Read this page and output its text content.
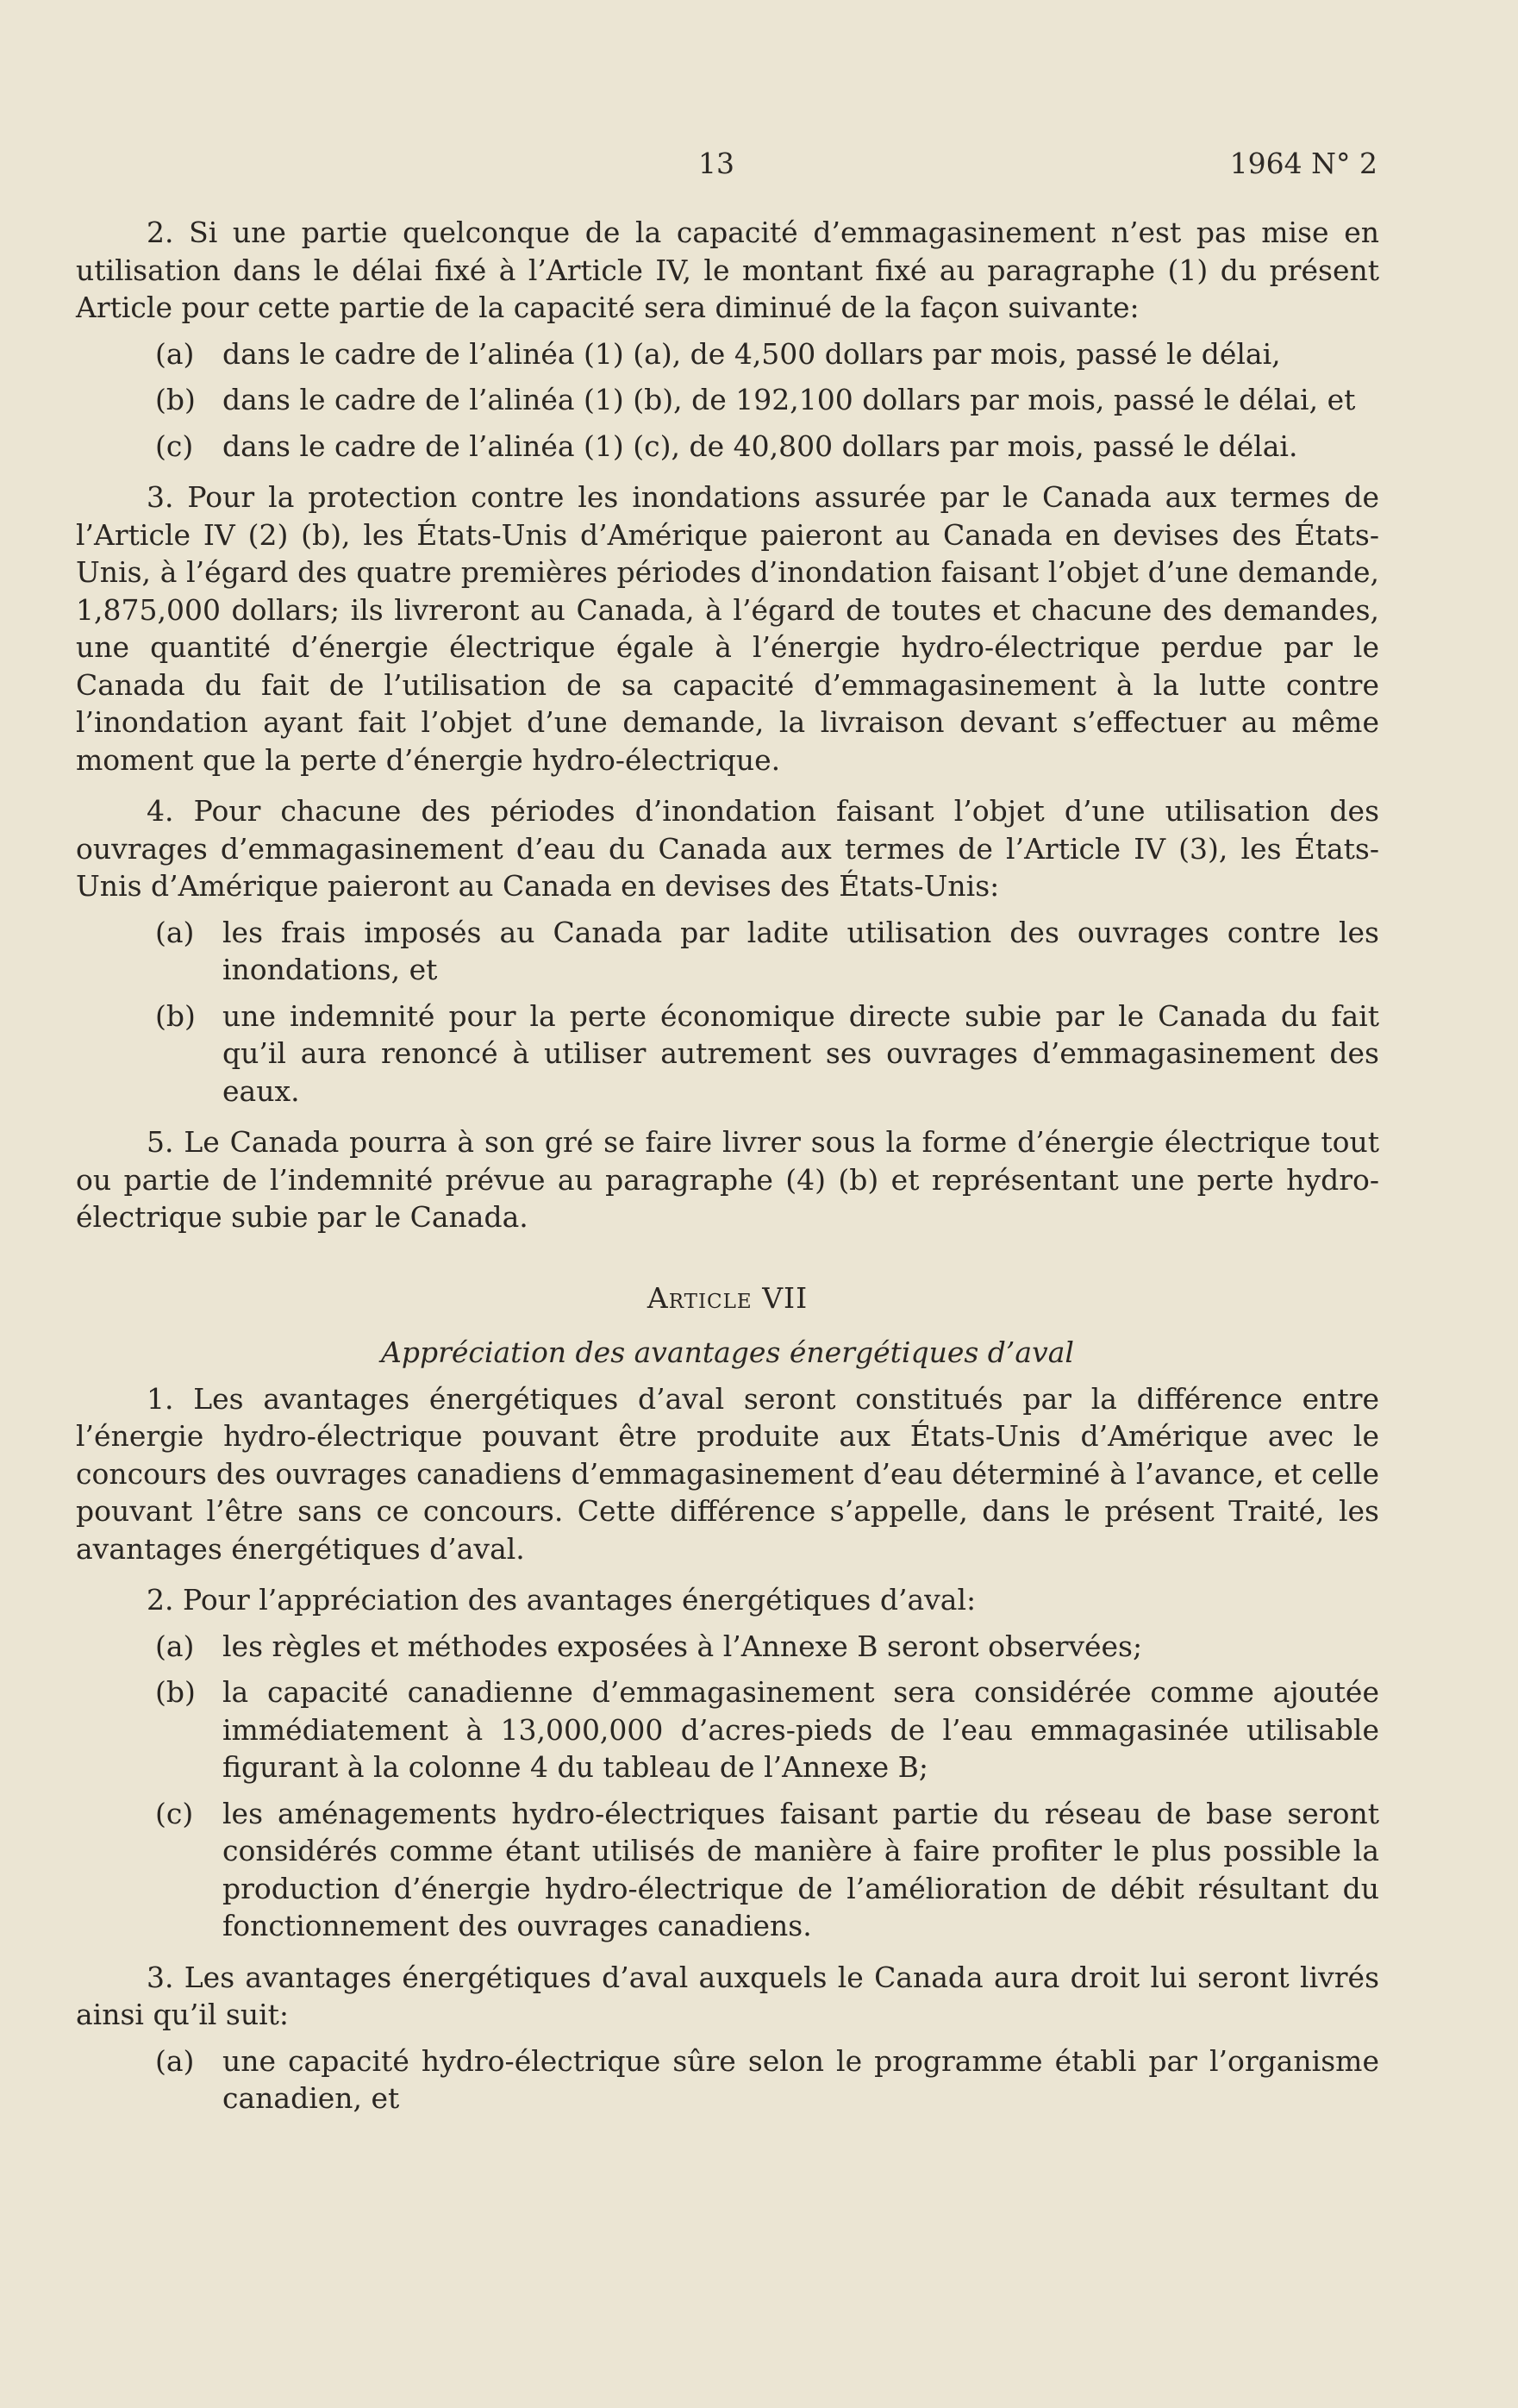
13	1964 N° 2

2. Si une partie quelconque de la capacité d’emmagasinement n’est pas mise en utilisation dans le délai fixé à l’Article IV, le montant fixé au paragraphe (1) du présent Article pour cette partie de la capacité sera diminué de la façon suivante:

(a) dans le cadre de l’alinéa (1) (a), de 4,500 dollars par mois, passé le délai,
(b) dans le cadre de l’alinéa (1) (b), de 192,100 dollars par mois, passé le délai, et
(c) dans le cadre de l’alinéa (1) (c), de 40,800 dollars par mois, passé le délai.

3. Pour la protection contre les inondations assurée par le Canada aux termes de l’Article IV (2) (b), les États-Unis d’Amérique paieront au Canada en devises des États-Unis, à l’égard des quatre premières périodes d’inondation faisant l’objet d’une demande, 1,875,000 dollars; ils livreront au Canada, à l’égard de toutes et chacune des demandes, une quantité d’énergie électrique égale à l’énergie hydro-électrique perdue par le Canada du fait de l’utilisation de sa capacité d’emmagasinement à la lutte contre l’inondation ayant fait l’objet d’une demande, la livraison devant s’effectuer au même moment que la perte d’énergie hydro-électrique.

4. Pour chacune des périodes d’inondation faisant l’objet d’une utilisation des ouvrages d’emmagasinement d’eau du Canada aux termes de l’Article IV (3), les États-Unis d’Amérique paieront au Canada en devises des États-Unis:

(a) les frais imposés au Canada par ladite utilisation des ouvrages contre les inondations, et
(b) une indemnité pour la perte économique directe subie par le Canada du fait qu’il aura renoncé à utiliser autrement ses ouvrages d’emmagasinement des eaux.

5. Le Canada pourra à son gré se faire livrer sous la forme d’énergie électrique tout ou partie de l’indemnité prévue au paragraphe (4) (b) et représentant une perte hydro-électrique subie par le Canada.

Article VII

Appréciation des avantages énergétiques d’aval

1. Les avantages énergétiques d’aval seront constitués par la différence entre l’énergie hydro-électrique pouvant être produite aux États-Unis d’Amérique avec le concours des ouvrages canadiens d’emmagasinement d’eau déterminé à l’avance, et celle pouvant l’être sans ce concours. Cette différence s’appelle, dans le présent Traité, les avantages énergétiques d’aval.

2. Pour l’appréciation des avantages énergétiques d’aval:

(a) les règles et méthodes exposées à l’Annexe B seront observées;
(b) la capacité canadienne d’emmagasinement sera considérée comme ajoutée immédiatement à 13,000,000 d’acres-pieds de l’eau emmagasinée utilisable figurant à la colonne 4 du tableau de l’Annexe B;
(c) les aménagements hydro-électriques faisant partie du réseau de base seront considérés comme étant utilisés de manière à faire profiter le plus possible la production d’énergie hydro-électrique de l’amélioration de débit résultant du fonctionnement des ouvrages canadiens.

3. Les avantages énergétiques d’aval auxquels le Canada aura droit lui seront livrés ainsi qu’il suit:

(a) une capacité hydro-électrique sûre selon le programme établi par l’organisme canadien, et
